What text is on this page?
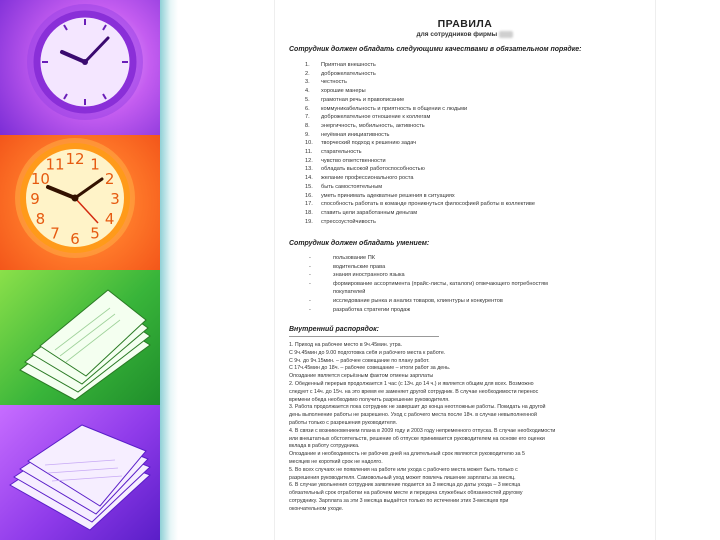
12 1
2
3
4
5
6
7
8
9
10
11
ПРАВИЛА
для сотрудников фирмы
Сотрудник должен обладать следующими качествами в обязательном порядке:
1. Приятная внешность
2. доброжелательность
3. честность
4. хорошие манеры
5. грамотная речь и правописание
6. коммуникабельность и приятность в общении с людьми
7. доброжелательное отношение к коллегам
8. энергичность, мобильность, активность
9. неуёмная инициативность
10. творческий подход к решению задач
11. старательность
12. чувство ответственности
13. обладать высокой работоспособностью
14. желание профессионального роста
15. быть самостоятельным
16. уметь принимать адекватные решения в ситуациях
17. способность работать в команде проникнуться философией работы в коллективе
18. ставить цели заработанным деньгам
19. стрессоустойчивость
Сотрудник должен обладать умением:
-	пользование ПК
-	водительские права
-	знания иностранного языка
-	формирование ассортимента (прайс-листы, каталоги) отвечающего потребностям
покупателей
-	исследование рынка и анализ товаров, клиентуры и конкурентов
-	разработка стратегии продаж
Внутренний распорядок:
1. Приход на рабочее место в 9ч.45мин. утра.
С 9ч.45мин до 9.00 подготовка себя и рабочего места к работе.
С 9ч. до 9ч.15мин. – рабочее совещание по плану работ.
С 17ч.45мин до 18ч. – рабочее совещание – итоги работ за день.
Опоздание является серьёзным фактом отмены зарплаты
2. Обеденный перерыв продолжается 1 час (с 13ч. до 14 ч.) и является общим для всех. Возможно
следует с 14ч. до 15ч. на это время ее заменяет другой сотрудник. В случае необходимости перенос
времени обеда необходимо получить разрешение руководителя.
3. Работа продолжается пока сотрудник не завершит до конца неотложные работы. Покидать на другой
день выполнение работы не разрешено. Уход с рабочего места после 18ч. в случае невыполненной
работы только с разрешения руководителя.
4. В связи с возникновением плана в 2009 году и 2003 году непременного отпуска. В случае необходимости
или внештатных обстоятельств, решение об отпуске принимается руководителем на основе его оценки
вклада в работу сотрудника.
Опоздание и необходимость не рабочих дней на длительный срок являются руководителю за 5
месяцев не короткий срок не надолго.
5. Во всех случаях не появления на работе или ухода с рабочего места может быть только с
разрешения руководителя. Самовольный уход может повлечь лишение зарплаты за месяц.
6. В случае увольнения сотрудник заявление подается за 3 месяца до даты ухода – 3 месяца
обязательный срок отработки на рабочем месте и передача служебных обязанностей другому
сотруднику. Зарплата за эти 3 месяца выдаётся только по истечении этих 3-месяцев при
окончательном уходе.
